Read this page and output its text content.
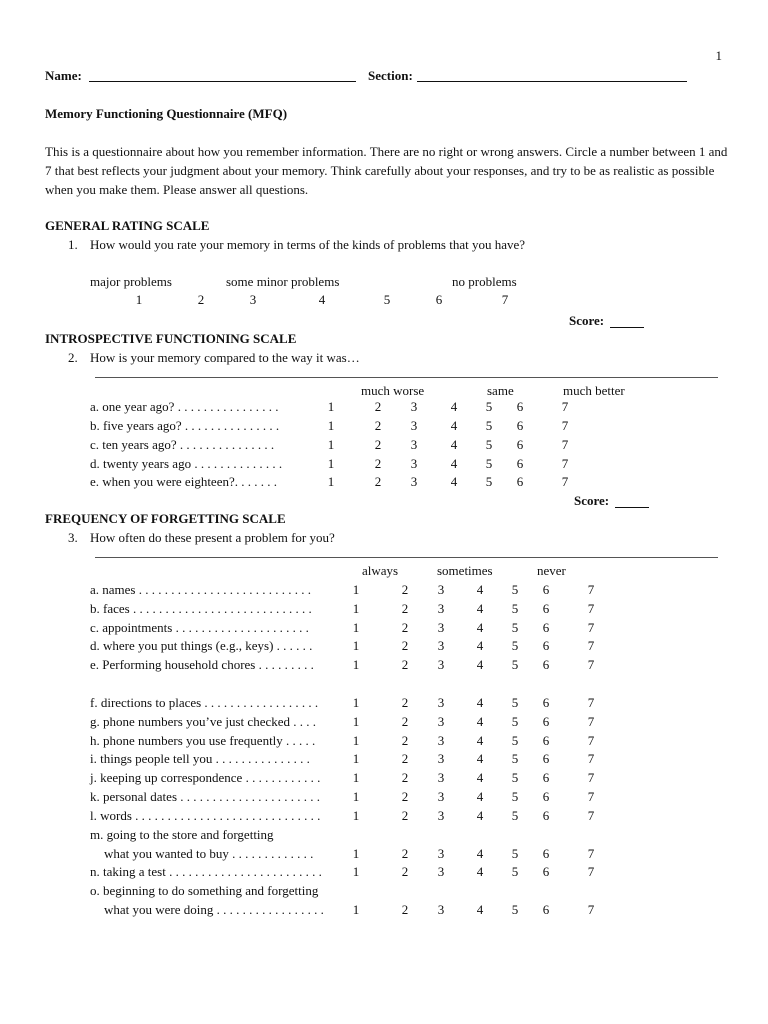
1
Name:	Section:
Memory Functioning Questionnaire (MFQ)
This is a questionnaire about how you remember information. There are no right or wrong answers. Circle a number between 1 and 7 that best reflects your judgment about your memory. Think carefully about your responses, and try to be as realistic as possible when you make them. Please answer all questions.
GENERAL RATING SCALE
1. How would you rate your memory in terms of the kinds of problems that you have?
major problems	some minor problems	no problems
1	2	3	4	5	6	7
Score:
INTROSPECTIVE FUNCTIONING SCALE
2. How is your memory compared to the way it was…
much worse	same	much better
a. one year ago? . . . . . . . . . . . . . . . .	1	2	3	4	5	6	7
b. five years ago? . . . . . . . . . . . . . . .	1	2	3	4	5	6	7
c. ten years ago? . . . . . . . . . . . . . . .	1	2	3	4	5	6	7
d. twenty years ago . . . . . . . . . . . . . .	1	2	3	4	5	6	7
e. when you were eighteen?. . . . . . .	1	2	3	4	5	6	7
Score:
FREQUENCY OF FORGETTING SCALE
3. How often do these present a problem for you?
always	sometimes	never
a. names . . . . . . . . . . . . . . . . . . . . . . . . . . .	1	2	3	4	5	6	7
b. faces . . . . . . . . . . . . . . . . . . . . . . . . . . . .	1	2	3	4	5	6	7
c. appointments . . . . . . . . . . . . . . . . . . . . .	1	2	3	4	5	6	7
d. where you put things (e.g., keys) . . . . . .	1	2	3	4	5	6	7
e. Performing household chores . . . . . . . . .	1	2	3	4	5	6	7
f. directions to places . . . . . . . . . . . . . . . . . .	1	2	3	4	5	6	7
g. phone numbers you’ve just checked . . . .	1	2	3	4	5	6	7
h. phone numbers you use frequently . . . . .	1	2	3	4	5	6	7
i. things people tell you . . . . . . . . . . . . . . .	1	2	3	4	5	6	7
j. keeping up correspondence . . . . . . . . . . . .	1	2	3	4	5	6	7
k. personal dates . . . . . . . . . . . . . . . . . . . . . .	1	2	3	4	5	6	7
l. words . . . . . . . . . . . . . . . . . . . . . . . . . . . . .	1	2	3	4	5	6	7
m. going to the store and forgetting
what you wanted to buy . . . . . . . . . . . . .	1	2	3	4	5	6	7
n. taking a test . . . . . . . . . . . . . . . . . . . . . . . .	1	2	3	4	5	6	7
o. beginning to do something and forgetting
what you were doing . . . . . . . . . . . . . . . . .	1	2	3	4	5	6	7
